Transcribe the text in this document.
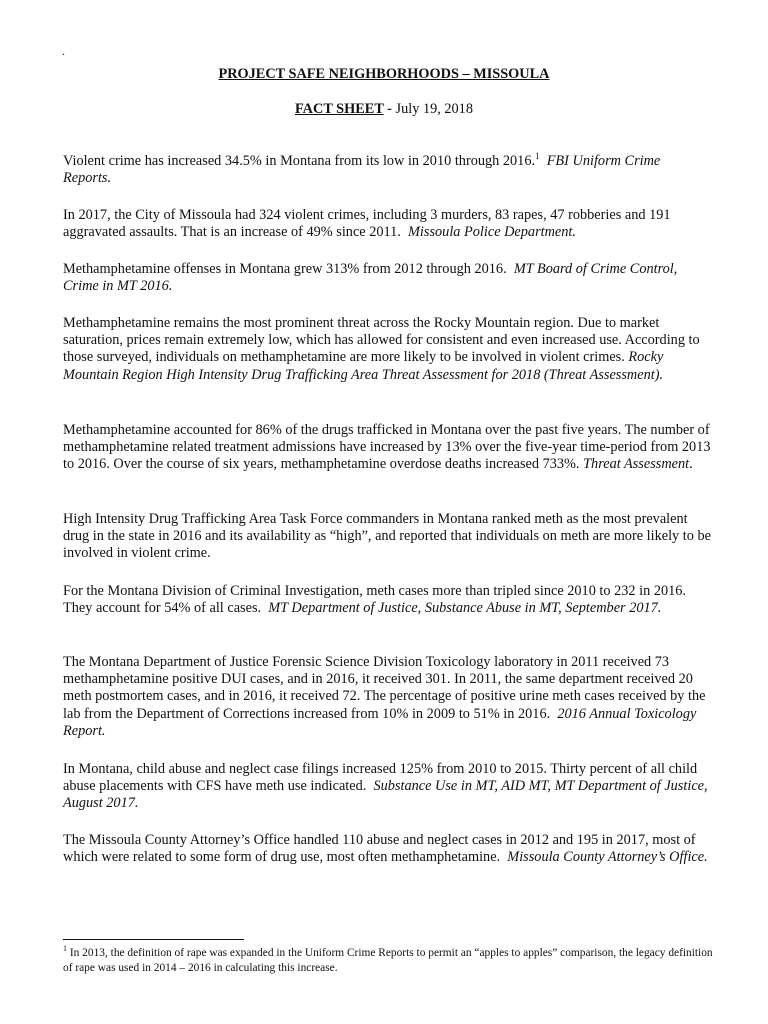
.
PROJECT SAFE NEIGHBORHOODS – MISSOULA
FACT SHEET - July 19, 2018

Violent crime has increased 34.5% in Montana from its low in 2010 through 2016.$^1$ FBI Uniform Crime Reports.

In 2017, the City of Missoula had 324 violent crimes, including 3 murders, 83 rapes, 47 robberies and 191 aggravated assaults. That is an increase of 49% since 2011. Missoula Police Department.

Methamphetamine offenses in Montana grew 313% from 2012 through 2016. MT Board of Crime Control, Crime in MT 2016.

Methamphetamine remains the most prominent threat across the Rocky Mountain region. Due to market saturation, prices remain extremely low, which has allowed for consistent and even increased use. According to those surveyed, individuals on methamphetamine are more likely to be involved in violent crimes. Rocky Mountain Region High Intensity Drug Trafficking Area Threat Assessment for 2018 (Threat Assessment).

Methamphetamine accounted for 86% of the drugs trafficked in Montana over the past five years. The number of methamphetamine related treatment admissions have increased by 13% over the five-year time-period from 2013 to 2016. Over the course of six years, methamphetamine overdose deaths increased 733%. Threat Assessment.

High Intensity Drug Trafficking Area Task Force commanders in Montana ranked meth as the most prevalent drug in the state in 2016 and its availability as “high”, and reported that individuals on meth are more likely to be involved in violent crime.

For the Montana Division of Criminal Investigation, meth cases more than tripled since 2010 to 232 in 2016. They account for 54% of all cases. MT Department of Justice, Substance Abuse in MT, September 2017.

The Montana Department of Justice Forensic Science Division Toxicology laboratory in 2011 received 73 methamphetamine positive DUI cases, and in 2016, it received 301. In 2011, the same department received 20 meth postmortem cases, and in 2016, it received 72. The percentage of positive urine meth cases received by the lab from the Department of Corrections increased from 10% in 2009 to 51% in 2016. 2016 Annual Toxicology Report.

In Montana, child abuse and neglect case filings increased 125% from 2010 to 2015. Thirty percent of all child abuse placements with CFS have meth use indicated. Substance Use in MT, AID MT, MT Department of Justice, August 2017.

The Missoula County Attorney’s Office handled 110 abuse and neglect cases in 2012 and 195 in 2017, most of which were related to some form of drug use, most often methamphetamine. Missoula County Attorney’s Office.

$^1$ In 2013, the definition of rape was expanded in the Uniform Crime Reports to permit an “apples to apples” comparison, the legacy definition of rape was used in 2014 – 2016 in calculating this increase.
